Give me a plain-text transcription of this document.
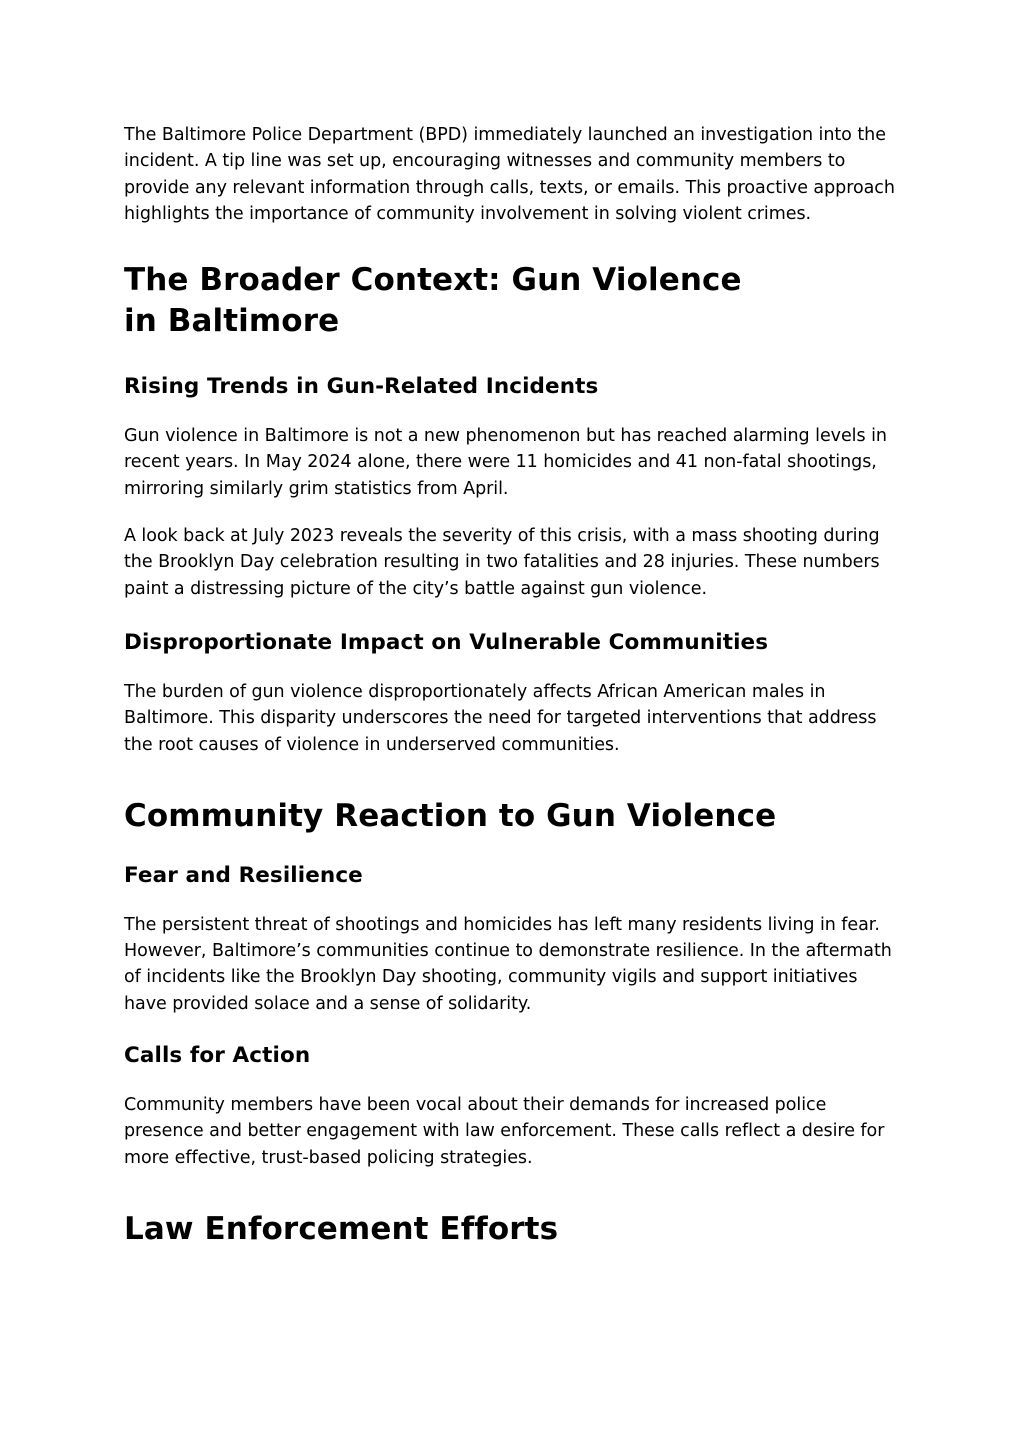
The Baltimore Police Department (BPD) immediately launched an investigation into the incident. A tip line was set up, encouraging witnesses and community members to provide any relevant information through calls, texts, or emails. This proactive approach highlights the importance of community involvement in solving violent crimes.

The Broader Context: Gun Violence in Baltimore
Rising Trends in Gun-Related Incidents

Gun violence in Baltimore is not a new phenomenon but has reached alarming levels in recent years. In May 2024 alone, there were 11 homicides and 41 non-fatal shootings, mirroring similarly grim statistics from April.

A look back at July 2023 reveals the severity of this crisis, with a mass shooting during the Brooklyn Day celebration resulting in two fatalities and 28 injuries. These numbers paint a distressing picture of the city’s battle against gun violence.

Disproportionate Impact on Vulnerable Communities

The burden of gun violence disproportionately affects African American males in Baltimore. This disparity underscores the need for targeted interventions that address the root causes of violence in underserved communities.

Community Reaction to Gun Violence
Fear and Resilience

The persistent threat of shootings and homicides has left many residents living in fear. However, Baltimore’s communities continue to demonstrate resilience. In the aftermath of incidents like the Brooklyn Day shooting, community vigils and support initiatives have provided solace and a sense of solidarity.

Calls for Action

Community members have been vocal about their demands for increased police presence and better engagement with law enforcement. These calls reflect a desire for more effective, trust-based policing strategies.

Law Enforcement Efforts
